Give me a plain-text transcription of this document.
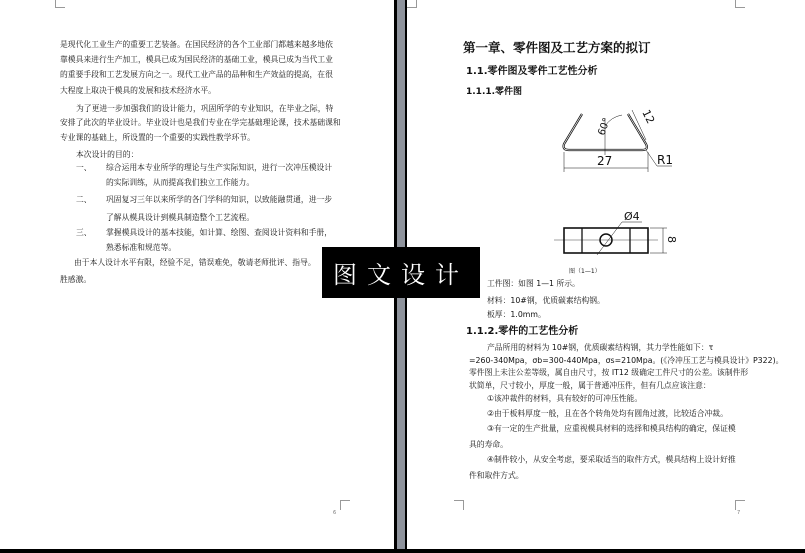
是现代化工业生产的重要工艺装备。在国民经济的各个工业部门都越来越多地依
靠模具来进行生产加工，模具已成为国民经济的基础工业，模具已成为当代工业
的重要手段和工艺发展方向之一。现代工业产品的品种和生产效益的提高，在很
大程度上取决于模具的发展和技术经济水平。
为了更进一步加强我们的设计能力，巩固所学的专业知识，在毕业之际，特
安排了此次的毕业设计。毕业设计也是我们专业在学完基础理论课，技术基础课和
专业课的基础上，所设置的一个重要的实践性教学环节。
本次设计的目的：
一、 综合运用本专业所学的理论与生产实际知识，进行一次冲压模设计
的实际训练，从而提高我们独立工作能力。
二、 巩固复习三年以来所学的各门学科的知识，以致能融贯通，进一步
了解从模具设计到模具制造整个工艺流程。
三、 掌握模具设计的基本技能，如计算、绘图、查阅设计资料和手册，
熟悉标准和规范等。
由于本人设计水平有限，经验不足，错误难免，敬请老师批评、指导。
胜感激。
6
第一章、零件图及工艺方案的拟订
1.1.零件图及零件工艺性分析
1.1.1.零件图
60° 12
27	R1
Ø4
8
图（1—1）
工件图：如图 1—1 所示。
材料：10#钢，优质碳素结构钢。
板厚：1.0mm。
1.1.2.零件的工艺性分析
产品所用的材料为 10#钢，优质碳素结构钢，其力学性能如下：τ
=260-340Mpa，σb=300-440Mpa，σs=210Mpa。(《冷冲压工艺与模具设计》P322)。
零件图上未注公差等级，属自由尺寸，按 IT12 级确定工件尺寸的公差。该制件形
状简单，尺寸较小，厚度一般，属于普通冲压件，但有几点应该注意：
①该冲裁件的材料，具有较好的可冲压性能。
②由于板料厚度一般，且在各个转角处均有圆角过渡，比较适合冲裁。
③有一定的生产批量，应重视模具材料的选择和模具结构的确定，保证模
具的寿命。
④制件较小，从安全考虑，要采取适当的取件方式，模具结构上设计好推
件和取件方式。
7
图文设计
